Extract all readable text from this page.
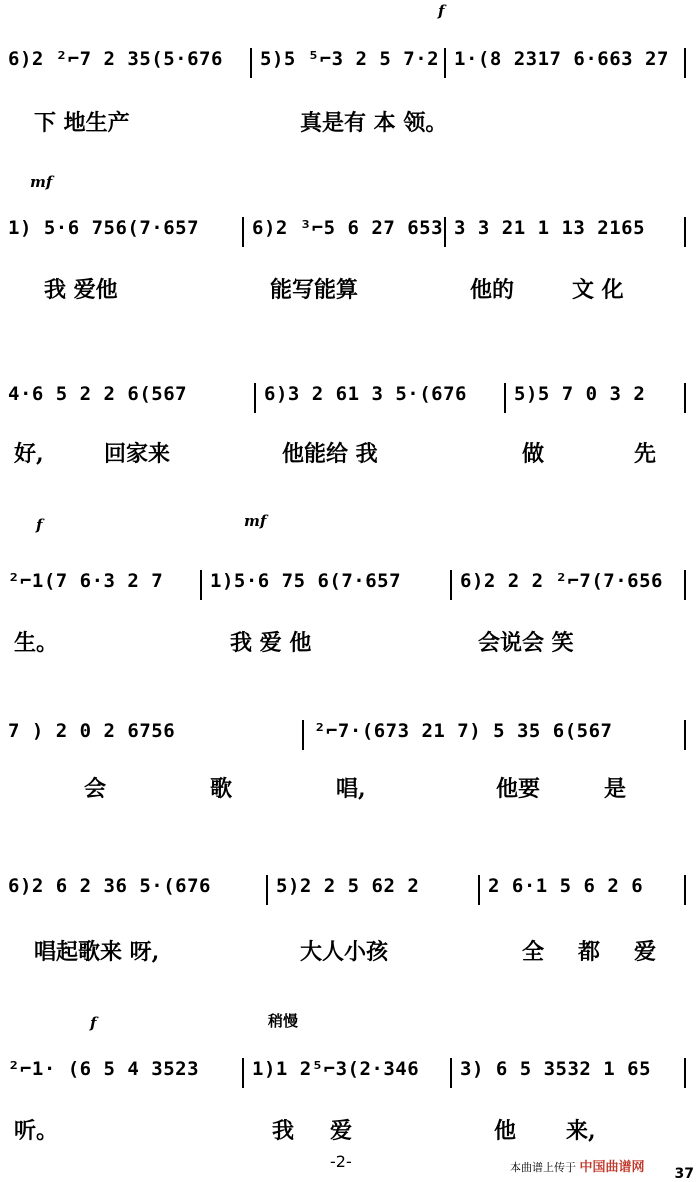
f
6)2 ²⌐7 2 35(5·676 5)5 ⁵⌐3 2 5 7·2 1·(8 2317 6·663 27
下 地生产	真是有 本 领。
mf
1) 5·6 756(7·657	6)2 ³⌐5 6 27 653 3 3 21 1 13 2165
我 爱他	能写能算	他的	文 化
4·6 5 2 2 6(567	6)3 2 61 3 5·(676 5)5 7 0 3 2
好,	回家来	他能给 我	做	先
f	mf
²⌐1(7 6·3 2 7 1)5·6 75 6(7·657	6)2 2 2 ²⌐7(7·656
生。	我 爱 他	会说会 笑
7 ) 2 0 2 6756	²⌐7·(673 21 7) 5 35 6(567
会	歌	唱,	他要	是
6)2 6 2 36 5·(676	5)2 2 5 62 2	2 6·1 5 6 2 6
唱起歌来 呀,	大人小孩	全 都 爱
f	稍慢
²⌐1· (6 5 4 3523	1)1 2⁵⌐3(2·346 3) 6 5 3532 1 65
听。	我 爱	他 来,
-2-	本曲谱上传于 中国曲谱网 37
